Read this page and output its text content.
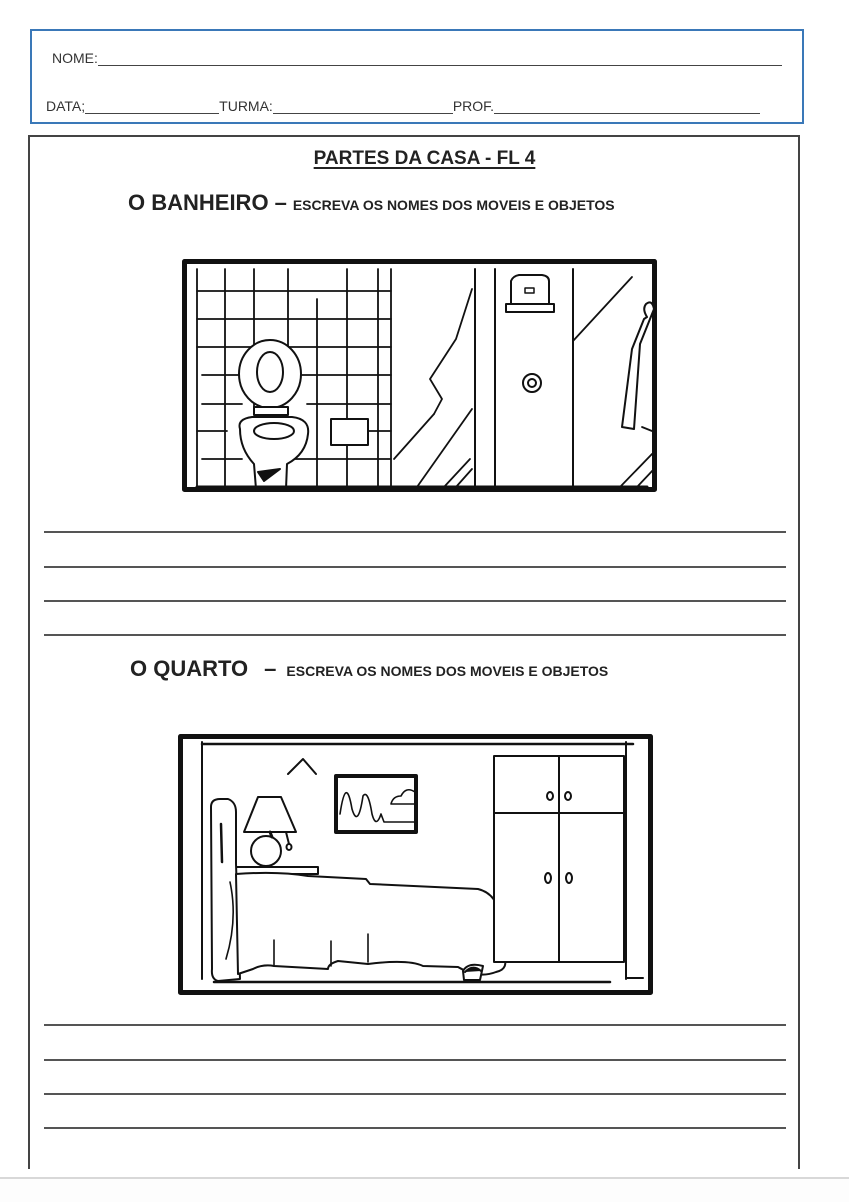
NOME:
DATA;	TURMA:	PROF.
PARTES DA CASA - FL 4
O BANHEIRO – ESCREVA OS NOMES DOS MOVEIS E OBJETOS
O QUARTO – ESCREVA OS NOMES DOS MOVEIS E OBJETOS
